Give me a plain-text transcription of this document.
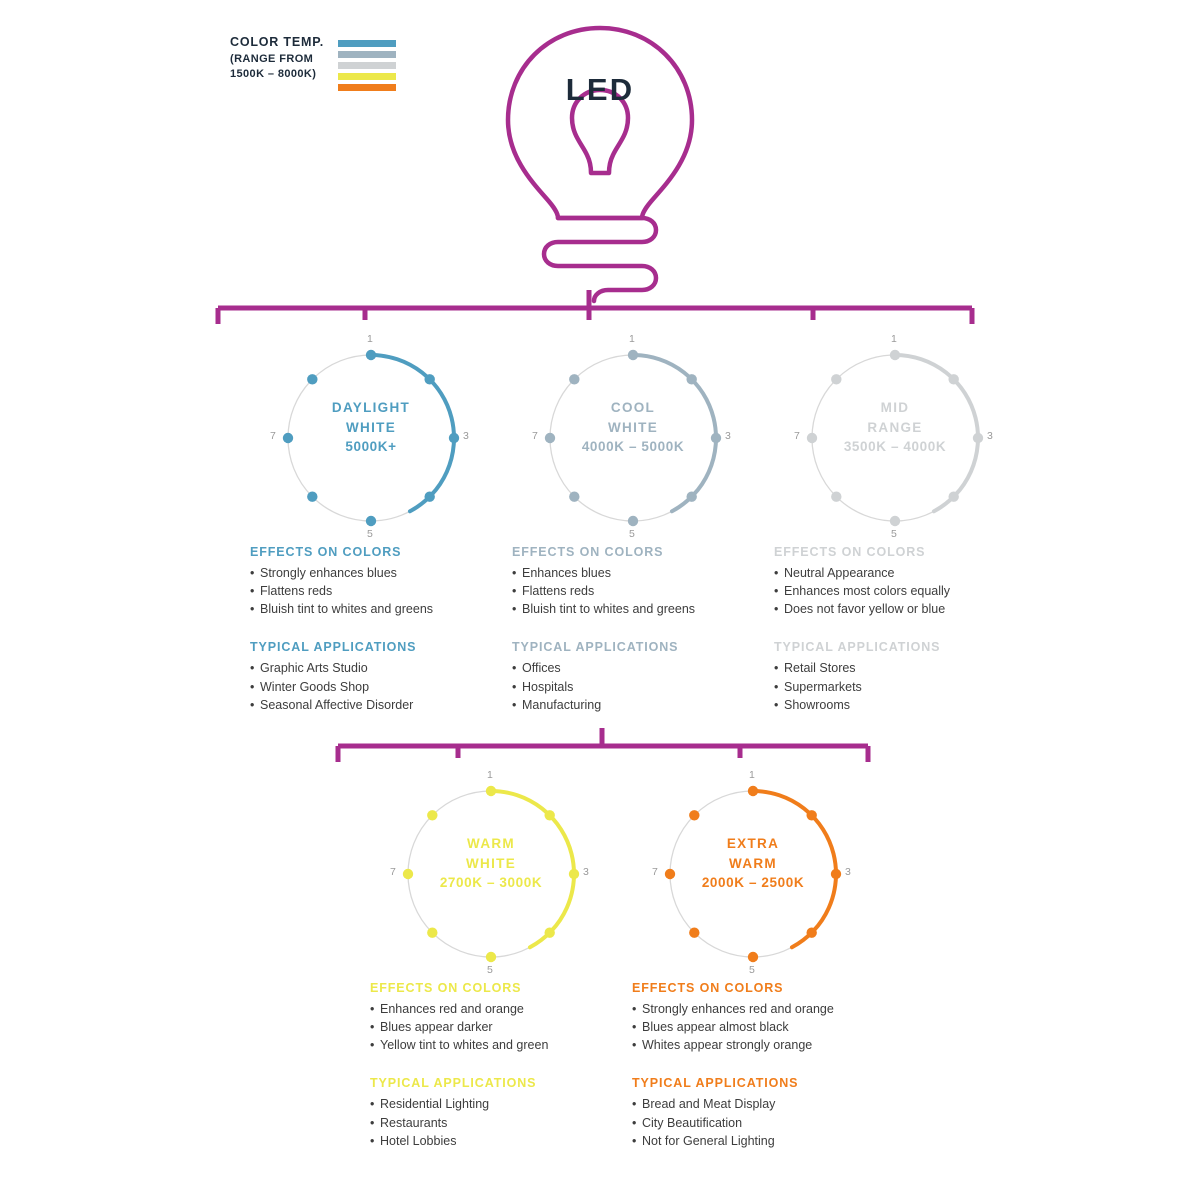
COLOR TEMP.
(RANGE FROM
1500K – 8000K)	LED
1
3
5
7
DAYLIGHT
WHITE
5000K+
EFFECTS ON COLORS
• Strongly enhances blues
• Flattens reds
• Bluish tint to whites and greens
TYPICAL APPLICATIONS
• Graphic Arts Studio
• Winter Goods Shop
• Seasonal Affective Disorder
1
3
5
7
COOL
WHITE
4000K – 5000K
EFFECTS ON COLORS
• Enhances blues
• Flattens reds
• Bluish tint to whites and greens
TYPICAL APPLICATIONS
• Offices
• Hospitals
• Manufacturing
1
3
5
7
MID
RANGE
3500K – 4000K
EFFECTS ON COLORS
• Neutral Appearance
• Enhances most colors equally
• Does not favor yellow or blue
TYPICAL APPLICATIONS
• Retail Stores
• Supermarkets
• Showrooms
1
3
5
7
WARM
WHITE
2700K – 3000K
EFFECTS ON COLORS
• Enhances red and orange
• Blues appear darker
• Yellow tint to whites and green
TYPICAL APPLICATIONS
• Residential Lighting
• Restaurants
• Hotel Lobbies
1
3
5
7
EXTRA
WARM
2000K – 2500K
EFFECTS ON COLORS
• Strongly enhances red and orange
• Blues appear almost black
• Whites appear strongly orange
TYPICAL APPLICATIONS
• Bread and Meat Display
• City Beautification
• Not for General Lighting
